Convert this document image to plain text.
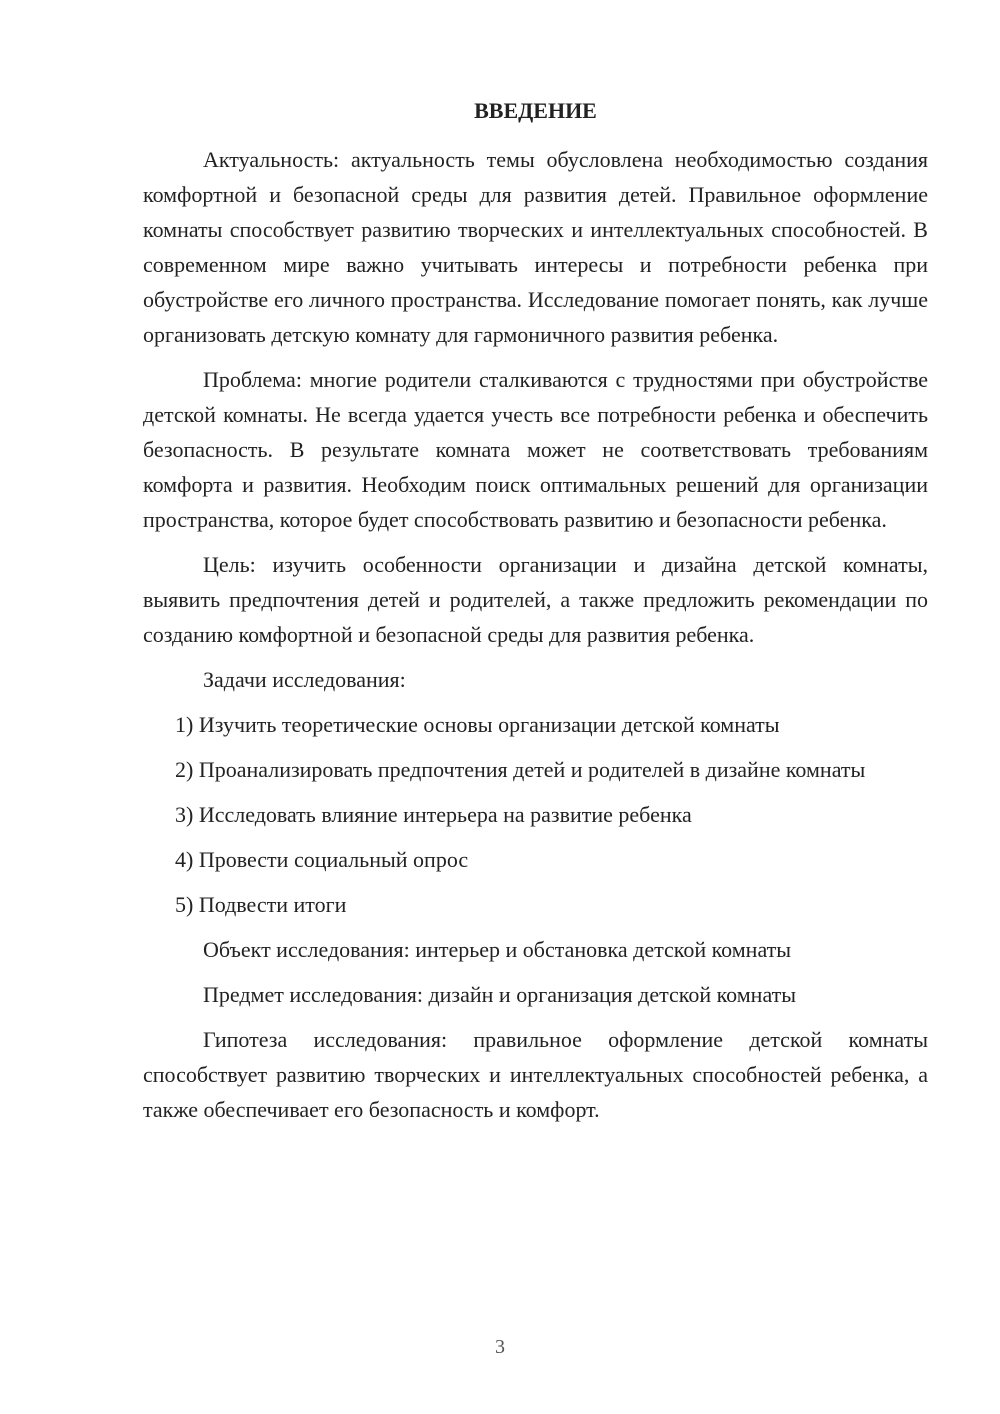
ВВЕДЕНИЕ

Актуальность: актуальность темы обусловлена необходимостью создания комфортной и безопасной среды для развития детей. Правильное оформление комнаты способствует развитию творческих и интеллектуальных способностей. В современном мире важно учитывать интересы и потребности ребенка при обустройстве его личного пространства. Исследование помогает понять, как лучше организовать детскую комнату для гармоничного развития ребенка.

Проблема: многие родители сталкиваются с трудностями при обустройстве детской комнаты. Не всегда удается учесть все потребности ребенка и обеспечить безопасность. В результате комната может не соответствовать требованиям комфорта и развития. Необходим поиск оптимальных решений для организации пространства, которое будет способствовать развитию и безопасности ребенка.

Цель: изучить особенности организации и дизайна детской комнаты, выявить предпочтения детей и родителей, а также предложить рекомендации по созданию комфортной и безопасной среды для развития ребенка.

Задачи исследования:

1) Изучить теоретические основы организации детской комнаты

2) Проанализировать предпочтения детей и родителей в дизайне комнаты

3) Исследовать влияние интерьера на развитие ребенка

4) Провести социальный опрос

5) Подвести итоги

Объект исследования: интерьер и обстановка детской комнаты

Предмет исследования: дизайн и организация детской комнаты

Гипотеза исследования: правильное оформление детской комнаты способствует развитию творческих и интеллектуальных способностей ребенка, а также обеспечивает его безопасность и комфорт.

3
